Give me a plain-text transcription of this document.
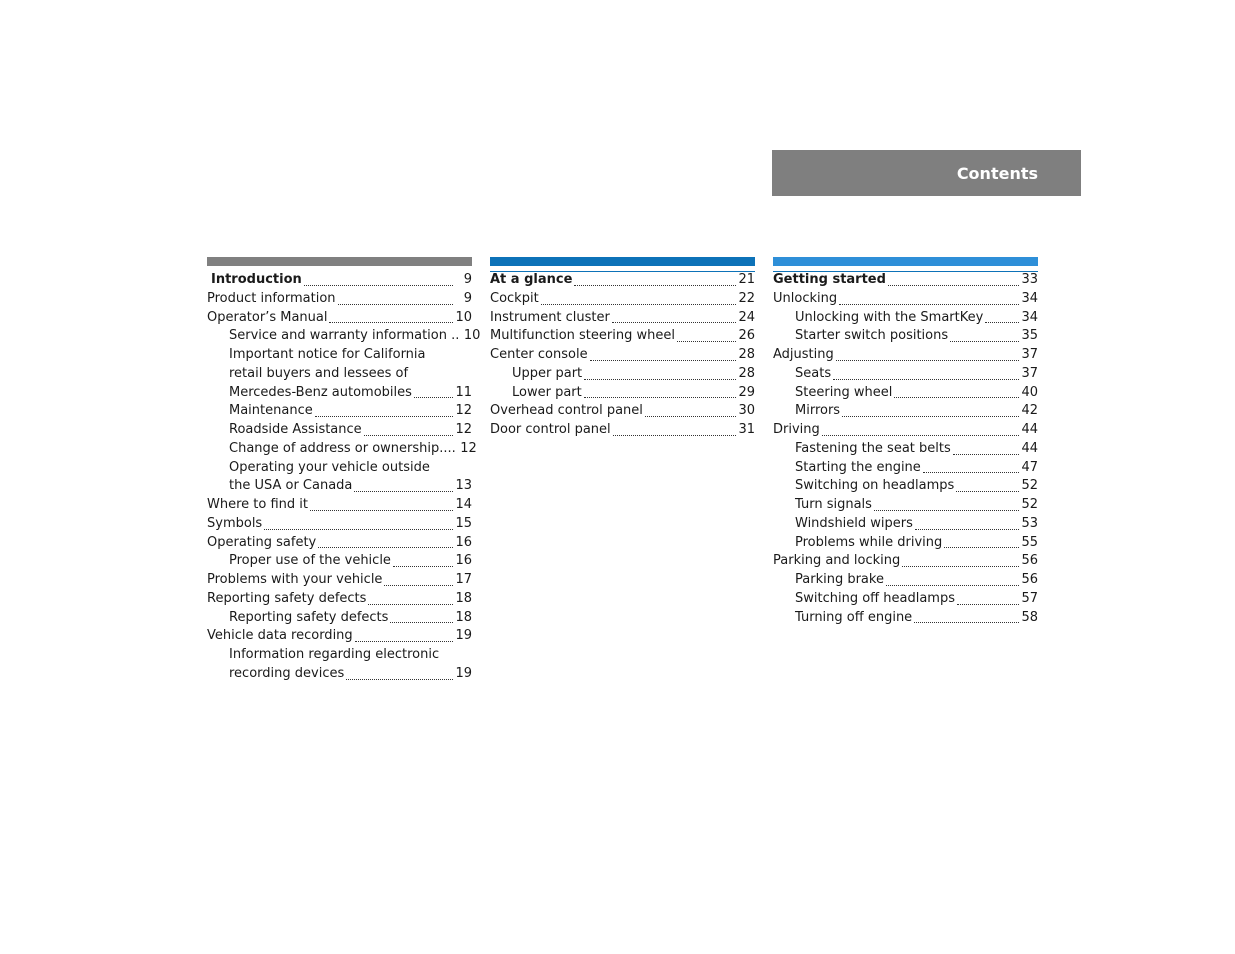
Contents
Introduction	9
Product information	9
Operator’s Manual	10
Service and warranty information .. 10
Important notice for California
retail buyers and lessees of
Mercedes-Benz automobiles	11
Maintenance	12
Roadside Assistance	12
Change of address or ownership.... 12
Operating your vehicle outside
the USA or Canada	13
Where to find it	14
Symbols	15
Operating safety	16
Proper use of the vehicle	16
Problems with your vehicle	17
Reporting safety defects	18
Reporting safety defects	18
Vehicle data recording	19
Information regarding electronic
recording devices	19
At a glance	21
Cockpit	22
Instrument cluster	24
Multifunction steering wheel	26
Center console	28
Upper part	28
Lower part	29
Overhead control panel	30
Door control panel	31
Getting started	33
Unlocking	34
Unlocking with the SmartKey	34
Starter switch positions	35
Adjusting	37
Seats	37
Steering wheel	40
Mirrors	42
Driving	44
Fastening the seat belts	44
Starting the engine	47
Switching on headlamps	52
Turn signals	52
Windshield wipers	53
Problems while driving	55
Parking and locking	56
Parking brake	56
Switching off headlamps	57
Turning off engine	58
